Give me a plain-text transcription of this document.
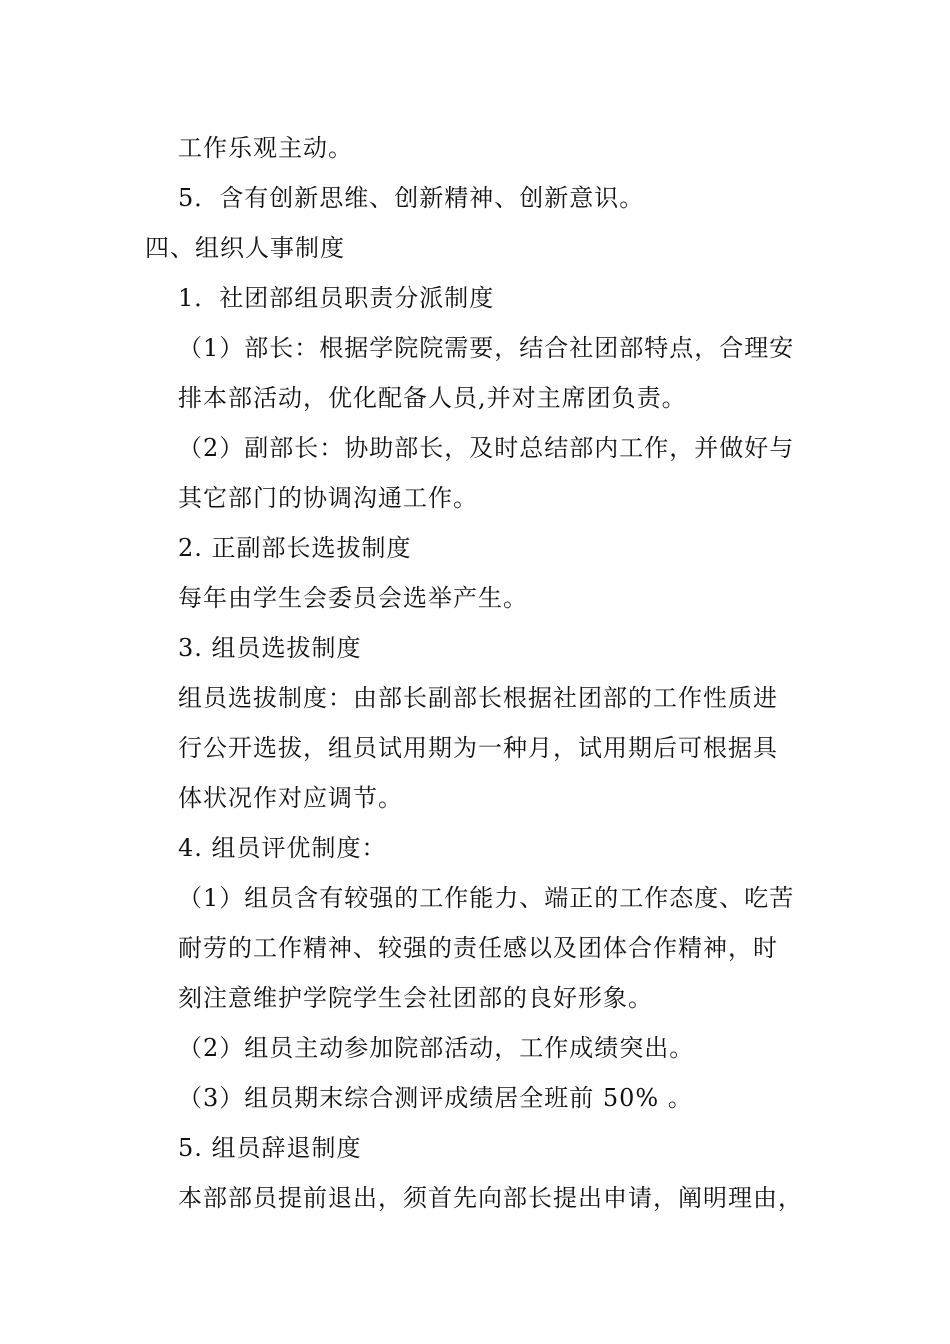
工作乐观主动。
5．含有创新思维、创新精神、创新意识。
四、组织人事制度
1．社团部组员职责分派制度
（1）部长：根据学院院需要，结合社团部特点，合理安
排本部活动，优化配备人员,并对主席团负责。
（2）副部长：协助部长，及时总结部内工作，并做好与
其它部门的协调沟通工作。
2. 正副部长选拔制度
每年由学生会委员会选举产生。
3. 组员选拔制度
组员选拔制度：由部长副部长根据社团部的工作性质进
行公开选拔，组员试用期为一种月，试用期后可根据具
体状况作对应调节。
4. 组员评优制度：
（1）组员含有较强的工作能力、端正的工作态度、吃苦
耐劳的工作精神、较强的责任感以及团体合作精神，时
刻注意维护学院学生会社团部的良好形象。
（2）组员主动参加院部活动，工作成绩突出。
（3）组员期末综合测评成绩居全班前 50% 。
5. 组员辞退制度
本部部员提前退出，须首先向部长提出申请，阐明理由，
